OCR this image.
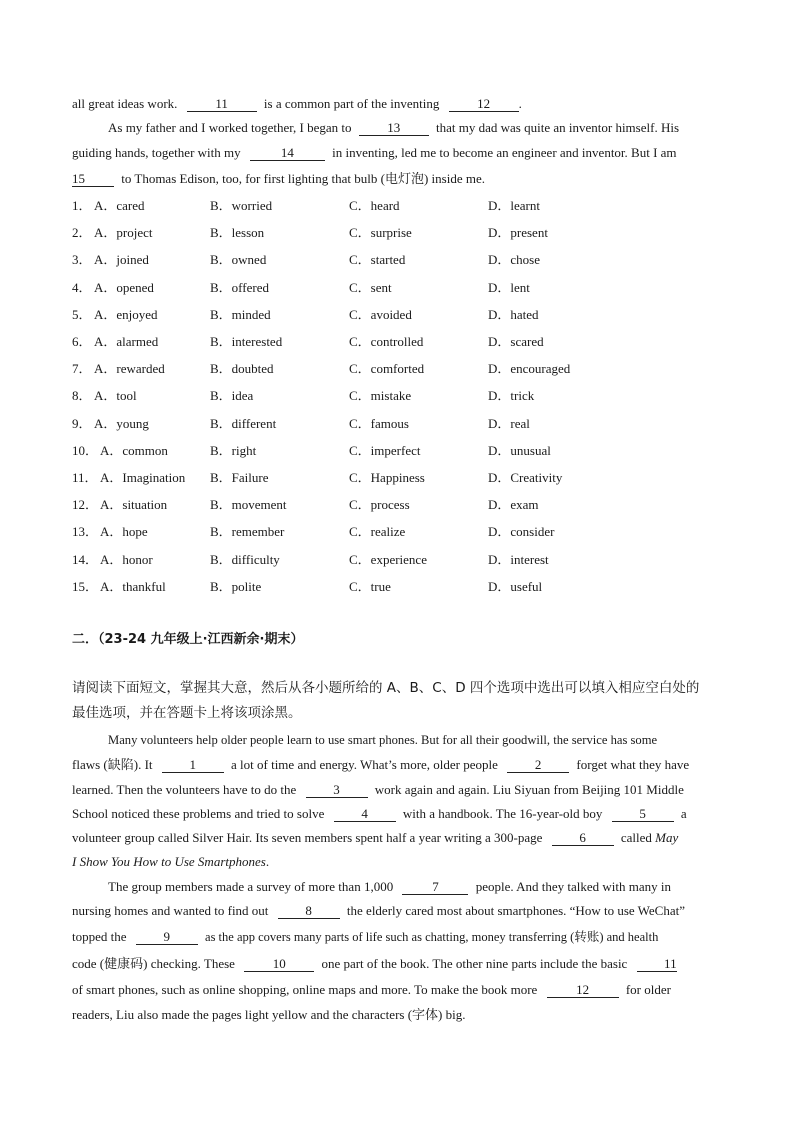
all great ideas work.	11	is a common part of the inventing	12 .
As my father and I worked together, I began to	13	that my dad was quite an inventor himself. His
guiding hands, together with my	14	in inventing, led me to become an engineer and inventor. But I am
15	to Thomas Edison, too, for first lighting that bulb (电灯泡) inside me.
1． A．cared	B．worried	C．heard	D．learnt
2． A．project	B．lesson	C．surprise	D．present
3． A．joined	B．owned	C．started	D．chose
4． A．opened	B．offered	C．sent	D．lent
5． A．enjoyed	B．minded	C．avoided	D．hated
6． A．alarmed	B．interested	C．controlled	D．scared
7． A．rewarded	B．doubted	C．comforted	D．encouraged
8． A．tool	B．idea	C．mistake	D．trick
9． A．young	B．different	C．famous	D．real
10． A．common	B．right	C．imperfect	D．unusual
11． A．Imagination B．Failure	C．Happiness	D．Creativity
12． A．situation	B．movement	C．process	D．exam
13． A．hope	B．remember	C．realize	D．consider
14． A．honor	B．difficulty	C．experience	D．interest
15． A．thankful	B．polite	C．true	D．useful
二．（23-24 九年级上·江西新余·期末）
请阅读下面短文，掌握其大意，然后从各小题所给的 A、B、C、D 四个选项中选出可以填入相应空白处的
最佳选项，并在答题卡上将该项涂黑。
Many volunteers help older people learn to use smart phones. But for all their goodwill, the service has some
flaws (缺陷). It	1	a lot of time and energy. What’s more, older people	2	forget what they have
learned. Then the volunteers have to do the	3	work again and again. Liu Siyuan from Beijing 101 Middle
School noticed these problems and tried to solve	4	with a handbook. The 16-year-old boy	5	a
volunteer group called Silver Hair. Its seven members spent half a year writing a 300-page	6	called May
I Show You How to Use Smartphones.
The group members made a survey of more than 1,000	7	people. And they talked with many in
nursing homes and wanted to find out	8	the elderly cared most about smartphones. “How to use WeChat”
topped the	9	as the app covers many parts of life such as chatting, money transferring (转账) and health
code (健康码) checking. These	10	one part of the book. The other nine parts include the basic	11
of smart phones, such as online shopping, online maps and more. To make the book more	12	for older
readers, Liu also made the pages light yellow and the characters (字体) big.
